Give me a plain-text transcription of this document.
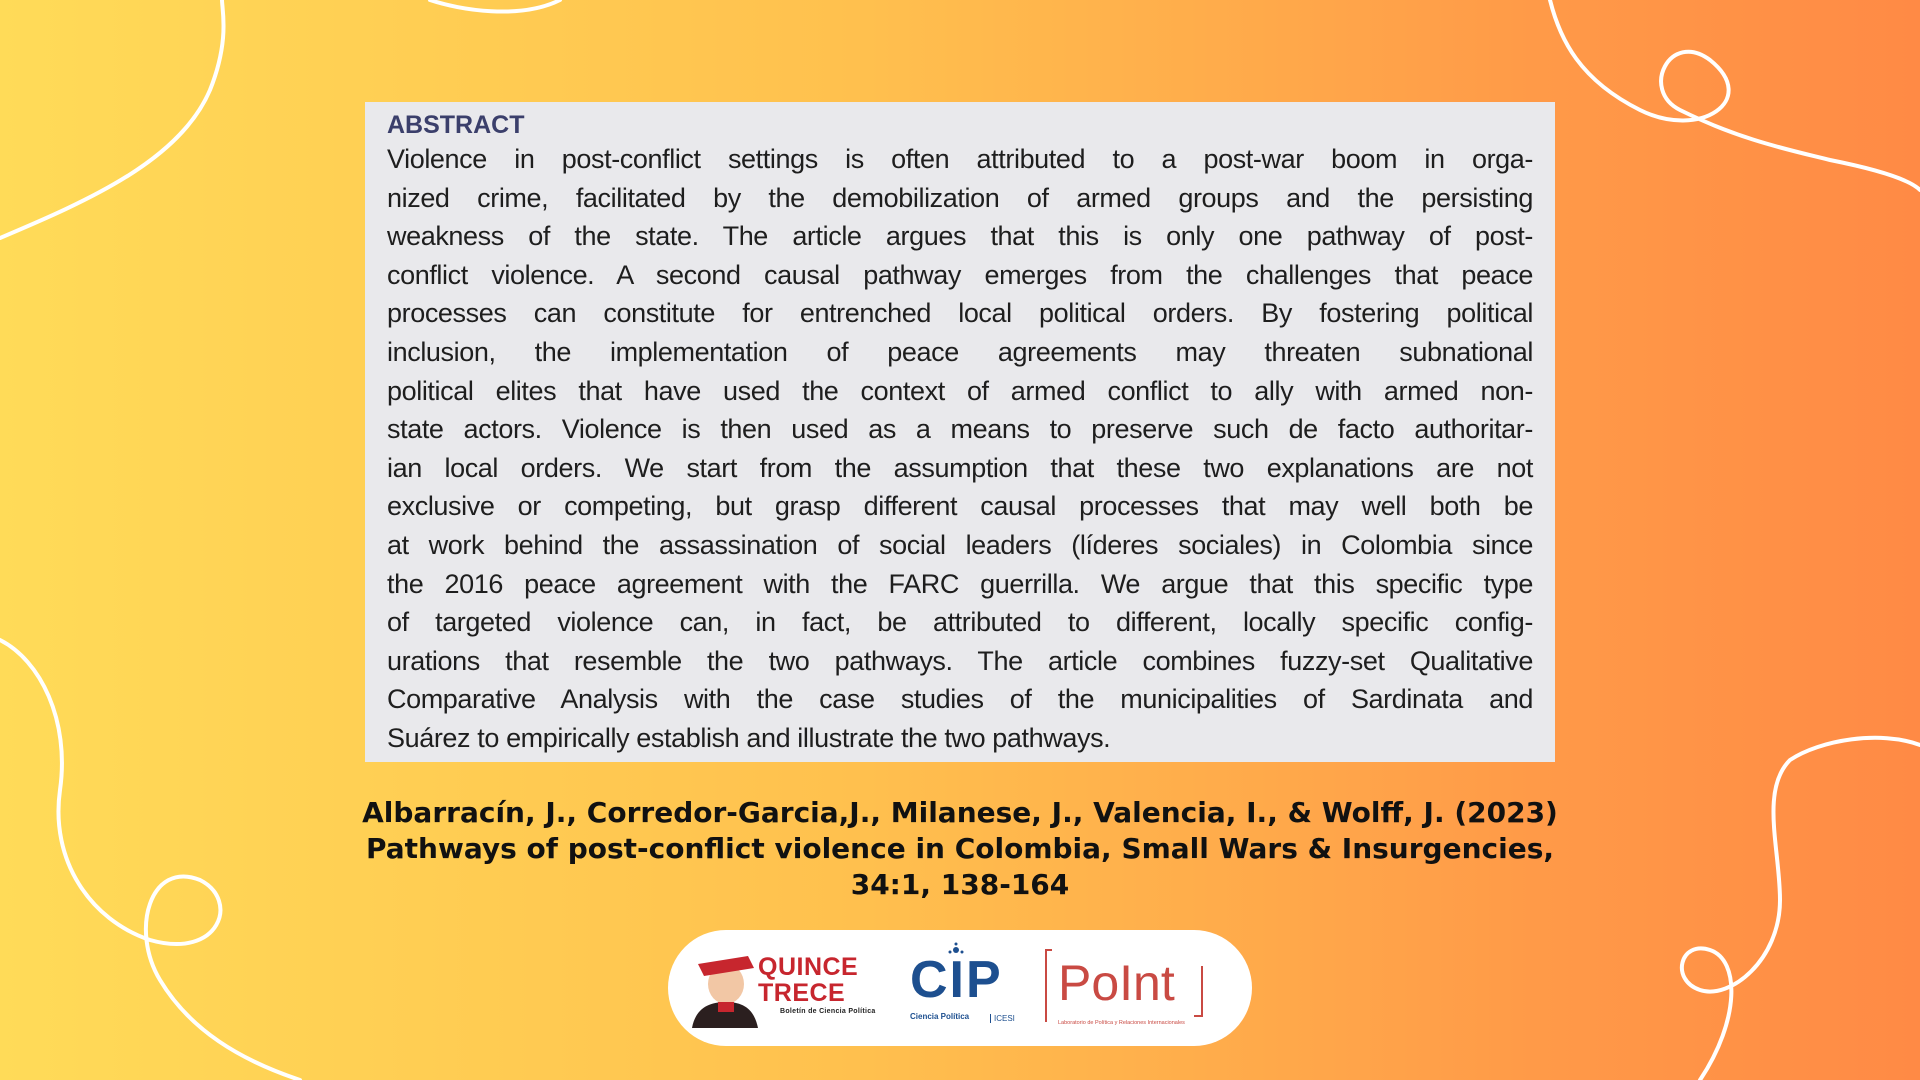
ABSTRACT

Violence in post-conflict settings is often attributed to a post-war boom in orga-
nized crime, facilitated by the demobilization of armed groups and the persisting
weakness of the state. The article argues that this is only one pathway of post-
conflict violence. A second causal pathway emerges from the challenges that peace
processes can constitute for entrenched local political orders. By fostering political
inclusion, the implementation of peace agreements may threaten subnational
political elites that have used the context of armed conflict to ally with armed non-
state actors. Violence is then used as a means to preserve such de facto authoritar-
ian local orders. We start from the assumption that these two explanations are not
exclusive or competing, but grasp different causal processes that may well both be
at work behind the assassination of social leaders (líderes sociales) in Colombia since
the 2016 peace agreement with the FARC guerrilla. We argue that this specific type
of targeted violence can, in fact, be attributed to different, locally specific config-
urations that resemble the two pathways. The article combines fuzzy-set Qualitative
Comparative Analysis with the case studies of the municipalities of Sardinata and
Suárez to empirically establish and illustrate the two pathways.

Albarracín, J., Corredor-Garcia,J., Milanese, J., Valencia, I., & Wolff, J. (2023)
Pathways of post-conflict violence in Colombia, Small Wars & Insurgencies,
34:1, 138-164
QUINCE
TRECE
Boletín de Ciencia Política
CIP
Ciencia Política	ICESI
PoInt
Laboratorio de Política y Relaciones Internacionales
